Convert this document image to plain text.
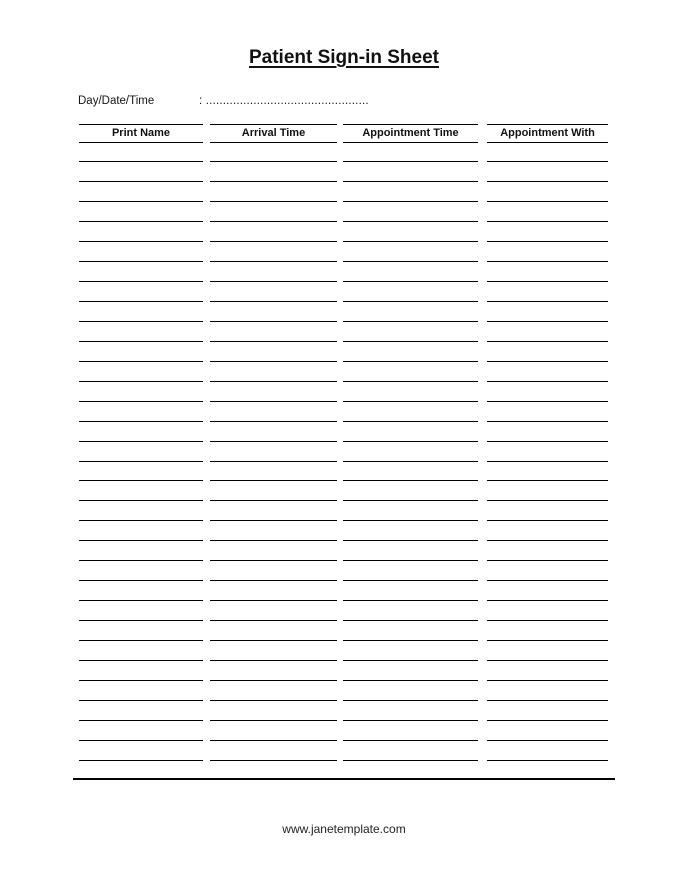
Patient Sign-in Sheet
Day/Date/Time	: ................................................
Print Name	Arrival Time	Appointment Time	Appointment With
www.janetemplate.com
